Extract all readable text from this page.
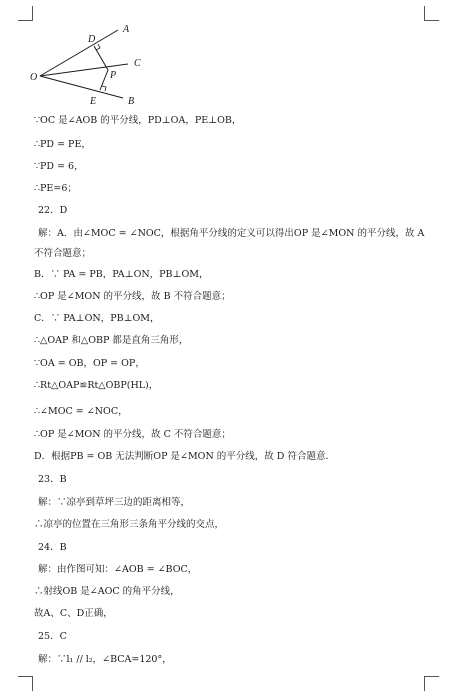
A
C
B
D
E
O	P
∵OC 是∠AOB 的平分线，PD⊥OA，PE⊥OB，
∴PD = PE，
∵PD = 6，
∴PE=6；
22．D
解：A．由∠MOC = ∠NOC，根据角平分线的定义可以得出OP 是∠MON 的平分线，故 A
不符合题意；
B．∵ PA = PB，PA⊥ON，PB⊥OM，
∴OP 是∠MON 的平分线，故 B 不符合题意；
C．∵ PA⊥ON，PB⊥OM，
∴△OAP 和△OBP 都是直角三角形，
∵OA = OB，OP = OP，
∴Rt△OAP≌Rt△OBP(HL)，
∴∠MOC = ∠NOC，
∴OP 是∠MON 的平分线，故 C 不符合题意；
D．根据PB = OB 无法判断OP 是∠MON 的平分线，故 D 符合题意．
23．B
解：∵凉亭到草坪三边的距离相等，
∴凉亭的位置在三角形三条角平分线的交点，
24．B
解：由作图可知：∠AOB = ∠BOC，
∴射线OB 是∠AOC 的角平分线，
故A、C、D正确，
25．C
解：∵l₁ // l₂，∠BCA=120°，
